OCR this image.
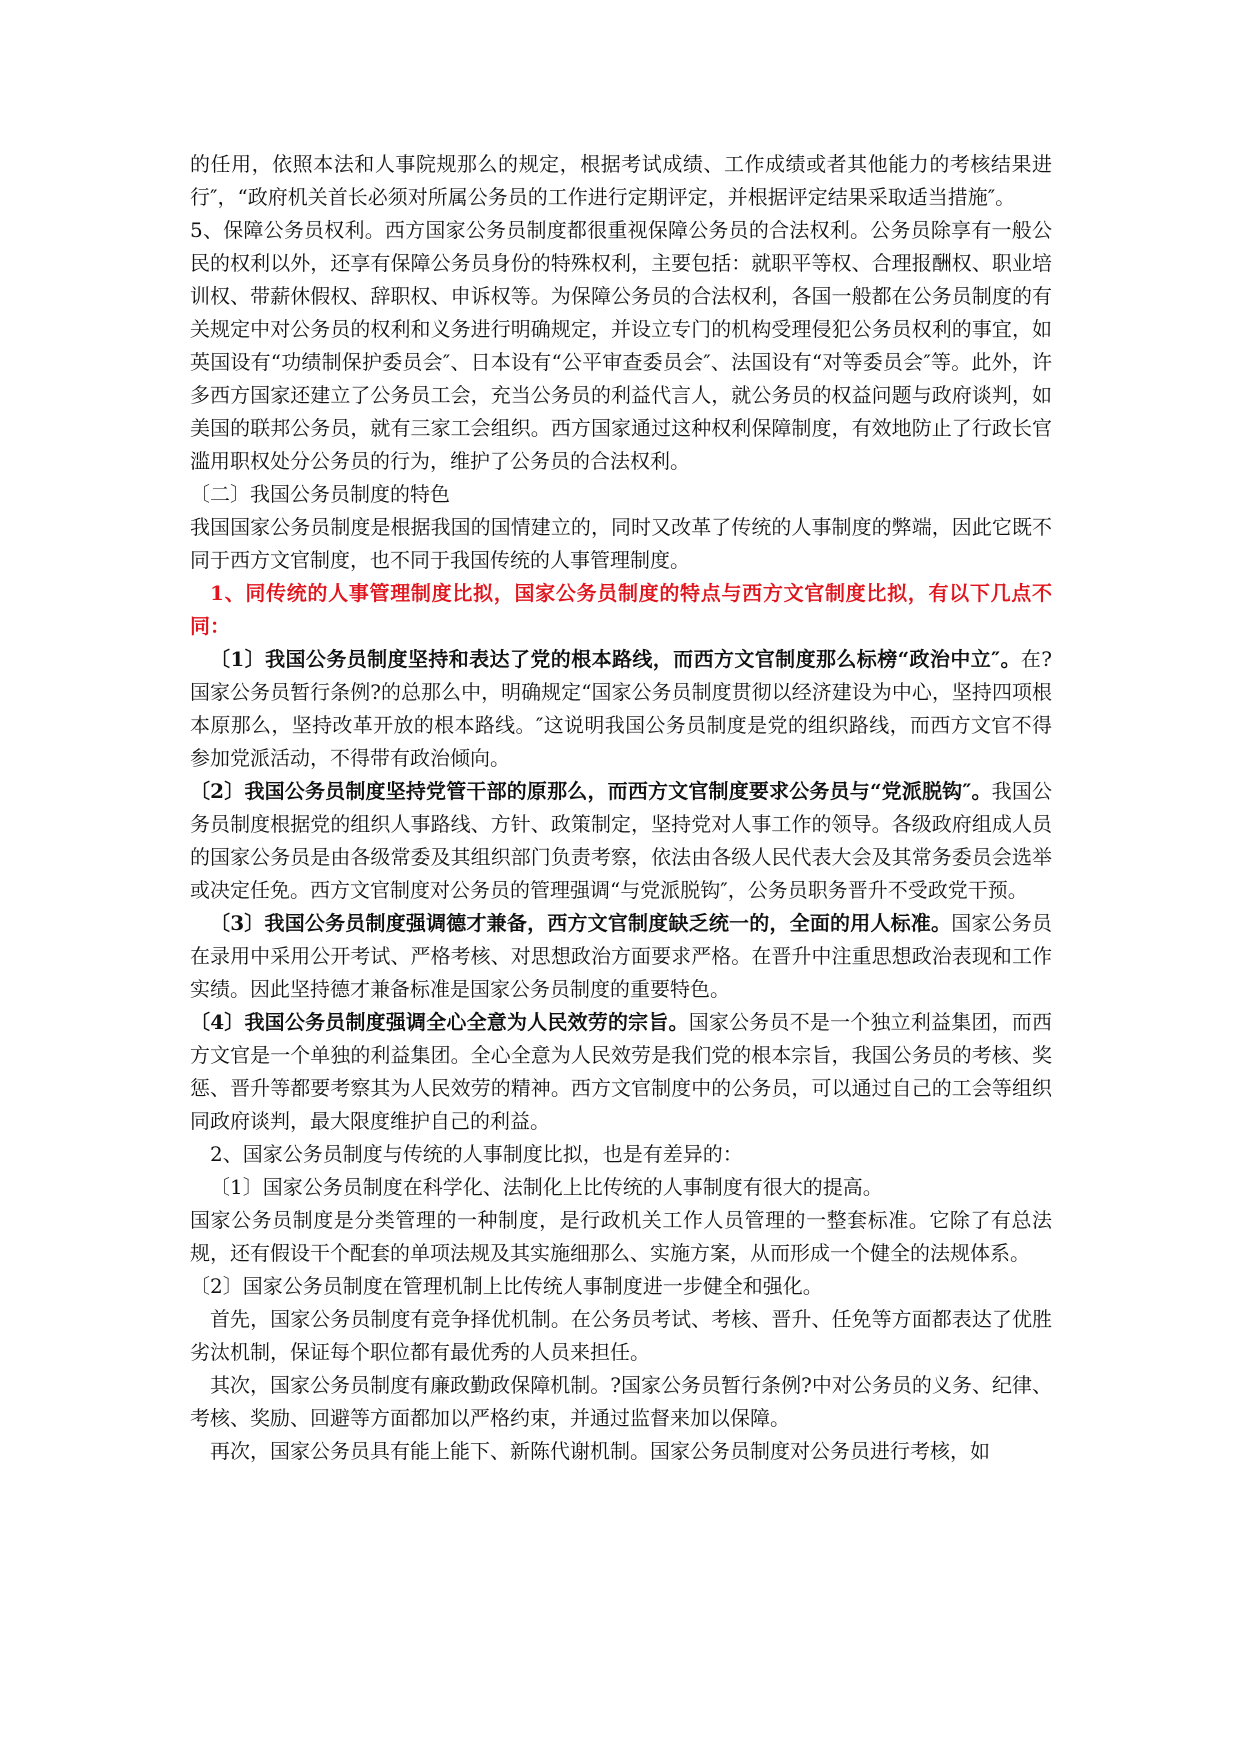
的任用，依照本法和人事院规那么的规定，根据考试成绩、工作成绩或者其他能力的考核结果进行″，“政府机关首长必须对所属公务员的工作进行定期评定，并根据评定结果采取适当措施″。

5、保障公务员权利。西方国家公务员制度都很重视保障公务员的合法权利。公务员除享有一般公民的权利以外，还享有保障公务员身份的特殊权利，主要包括：就职平等权、合理报酬权、职业培训权、带薪休假权、辞职权、申诉权等。为保障公务员的合法权利，各国一般都在公务员制度的有关规定中对公务员的权利和义务进行明确规定，并设立专门的机构受理侵犯公务员权利的事宜，如英国设有“功绩制保护委员会″、日本设有“公平审查委员会″、法国设有“对等委员会″等。此外，许多西方国家还建立了公务员工会，充当公务员的利益代言人，就公务员的权益问题与政府谈判，如美国的联邦公务员，就有三家工会组织。西方国家通过这种权利保障制度，有效地防止了行政长官滥用职权处分公务员的行为，维护了公务员的合法权利。

〔二〕我国公务员制度的特色

我国国家公务员制度是根据我国的国情建立的，同时又改革了传统的人事制度的弊端，因此它既不同于西方文官制度，也不同于我国传统的人事管理制度。

1、同传统的人事管理制度比拟，国家公务员制度的特点与西方文官制度比拟，有以下几点不同：

〔1〕我国公务员制度坚持和表达了党的根本路线，而西方文官制度那么标榜“政治中立″。在?国家公务员暂行条例?的总那么中，明确规定“国家公务员制度贯彻以经济建设为中心，坚持四项根本原那么，坚持改革开放的根本路线。″这说明我国公务员制度是党的组织路线，而西方文官不得参加党派活动，不得带有政治倾向。

〔2〕我国公务员制度坚持党管干部的原那么，而西方文官制度要求公务员与“党派脱钩″。我国公务员制度根据党的组织人事路线、方针、政策制定，坚持党对人事工作的领导。各级政府组成人员的国家公务员是由各级常委及其组织部门负责考察，依法由各级人民代表大会及其常务委员会选举或决定任免。西方文官制度对公务员的管理强调“与党派脱钩″，公务员职务晋升不受政党干预。

〔3〕我国公务员制度强调德才兼备，西方文官制度缺乏统一的，全面的用人标准。国家公务员在录用中采用公开考试、严格考核、对思想政治方面要求严格。在晋升中注重思想政治表现和工作实绩。因此坚持德才兼备标准是国家公务员制度的重要特色。

〔4〕我国公务员制度强调全心全意为人民效劳的宗旨。国家公务员不是一个独立利益集团，而西方文官是一个单独的利益集团。全心全意为人民效劳是我们党的根本宗旨，我国公务员的考核、奖惩、晋升等都要考察其为人民效劳的精神。西方文官制度中的公务员，可以通过自己的工会等组织同政府谈判，最大限度维护自己的利益。

2、国家公务员制度与传统的人事制度比拟，也是有差异的：

〔1〕国家公务员制度在科学化、法制化上比传统的人事制度有很大的提高。

国家公务员制度是分类管理的一种制度，是行政机关工作人员管理的一整套标准。它除了有总法规，还有假设干个配套的单项法规及其实施细那么、实施方案，从而形成一个健全的法规体系。

〔2〕国家公务员制度在管理机制上比传统人事制度进一步健全和强化。

首先，国家公务员制度有竞争择优机制。在公务员考试、考核、晋升、任免等方面都表达了优胜劣汰机制，保证每个职位都有最优秀的人员来担任。

其次，国家公务员制度有廉政勤政保障机制。?国家公务员暂行条例?中对公务员的义务、纪律、考核、奖励、回避等方面都加以严格约束，并通过监督来加以保障。

再次，国家公务员具有能上能下、新陈代谢机制。国家公务员制度对公务员进行考核，如
